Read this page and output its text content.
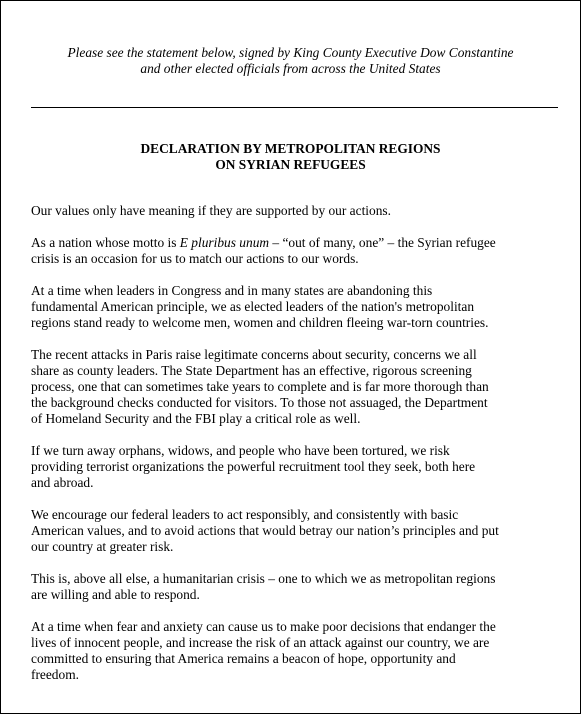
Please see the statement below, signed by King County Executive Dow Constantine
and other elected officials from across the United States
DECLARATION BY METROPOLITAN REGIONS
ON SYRIAN REFUGEES

Our values only have meaning if they are supported by our actions.

As a nation whose motto is E pluribus unum – “out of many, one” – the Syrian refugee
crisis is an occasion for us to match our actions to our words.

At a time when leaders in Congress and in many states are abandoning this
fundamental American principle, we as elected leaders of the nation's metropolitan
regions stand ready to welcome men, women and children fleeing war-torn countries.

The recent attacks in Paris raise legitimate concerns about security, concerns we all
share as county leaders. The State Department has an effective, rigorous screening
process, one that can sometimes take years to complete and is far more thorough than
the background checks conducted for visitors. To those not assuaged, the Department
of Homeland Security and the FBI play a critical role as well.

If we turn away orphans, widows, and people who have been tortured, we risk
providing terrorist organizations the powerful recruitment tool they seek, both here
and abroad.

We encourage our federal leaders to act responsibly, and consistently with basic
American values, and to avoid actions that would betray our nation’s principles and put
our country at greater risk.

This is, above all else, a humanitarian crisis – one to which we as metropolitan regions
are willing and able to respond.

At a time when fear and anxiety can cause us to make poor decisions that endanger the
lives of innocent people, and increase the risk of an attack against our country, we are
committed to ensuring that America remains a beacon of hope, opportunity and
freedom.
